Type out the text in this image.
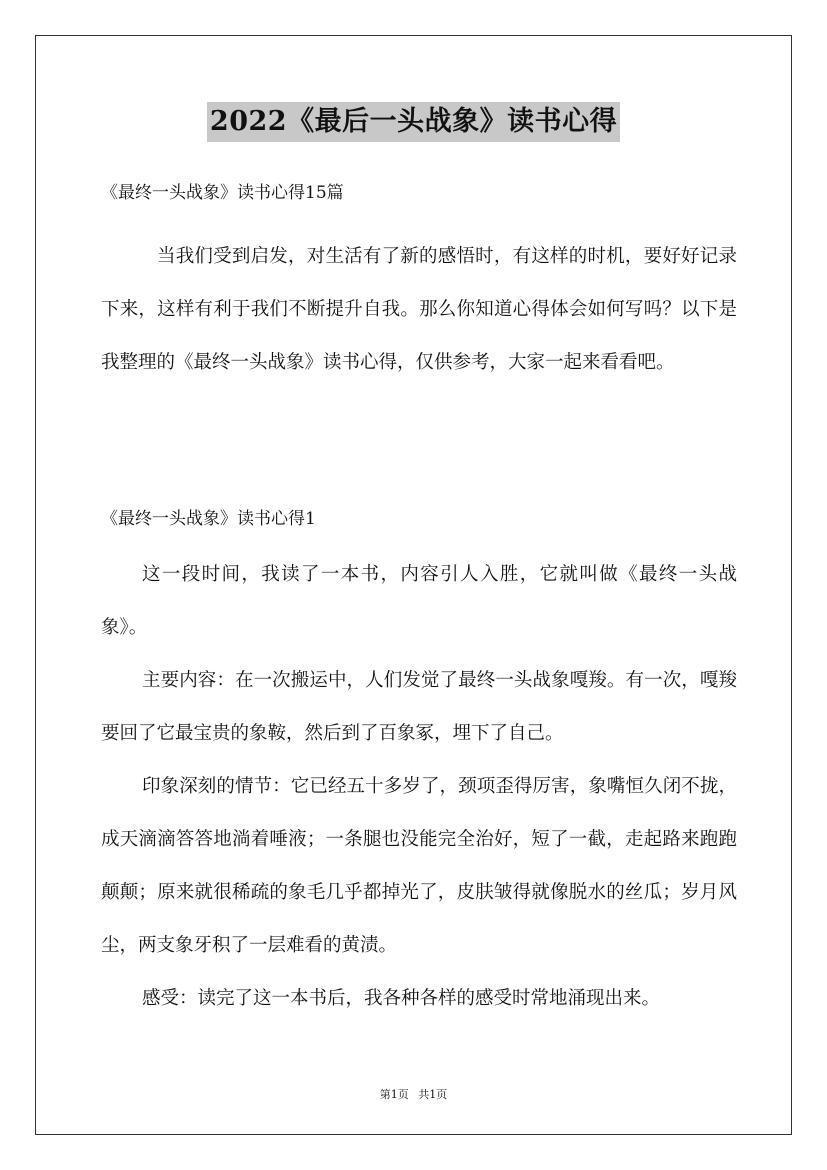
2022《最后一头战象》读书心得
《最终一头战象》读书心得15篇

当我们受到启发，对生活有了新的感悟时，有这样的时机，要好好记录下来，这样有利于我们不断提升自我。那么你知道心得体会如何写吗？以下是我整理的《最终一头战象》读书心得，仅供参考，大家一起来看看吧。

《最终一头战象》读书心得1

这一段时间，我读了一本书，内容引人入胜，它就叫做《最终一头战象》。

主要内容：在一次搬运中，人们发觉了最终一头战象嘎羧。有一次，嘎羧要回了它最宝贵的象鞍，然后到了百象冢，埋下了自己。

印象深刻的情节：它已经五十多岁了，颈项歪得厉害，象嘴恒久闭不拢，成天滴滴答答地淌着唾液；一条腿也没能完全治好，短了一截，走起路来跑跑颠颠；原来就很稀疏的象毛几乎都掉光了，皮肤皱得就像脱水的丝瓜；岁月风尘，两支象牙积了一层难看的黄渍。

感受：读完了这一本书后，我各种各样的感受时常地涌现出来。

第1页 共1页
